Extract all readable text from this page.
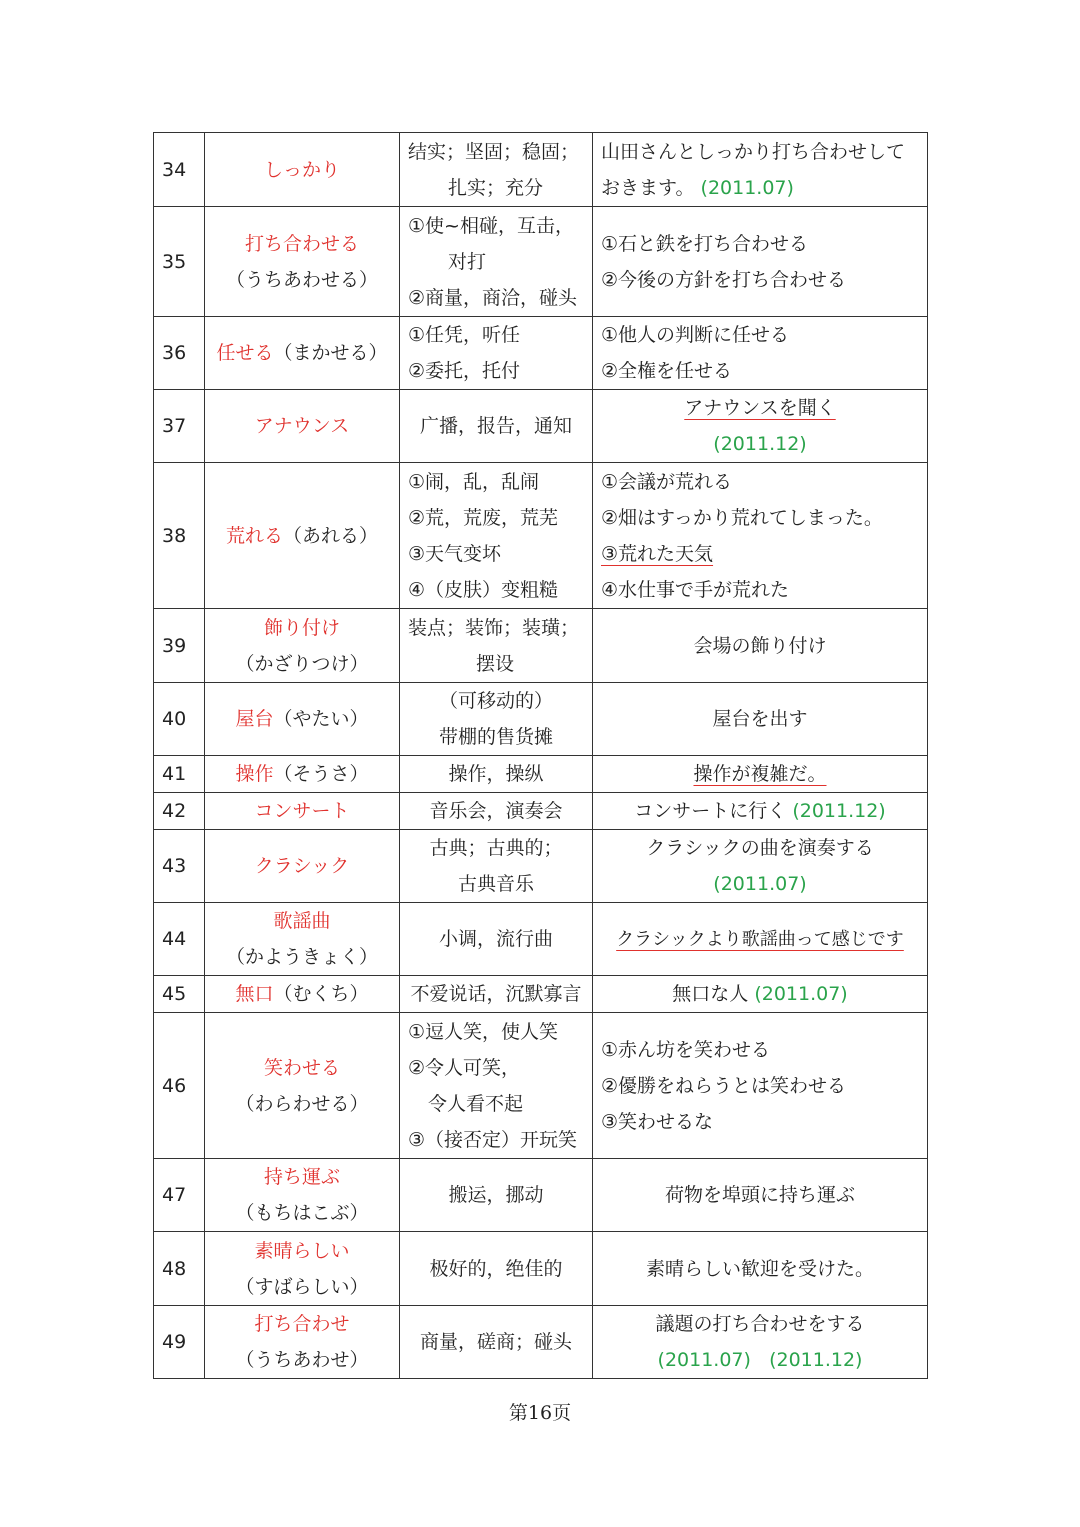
34	しっかり	结实；坚固；稳固；
扎实；充分	山田さんとしっかり打ち合わせして
おきます。 (2011.07)

35	打ち合わせる
（うちあわせる）	①使~相碰，互击，
对打
②商量，商洽，碰头	①石と鉄を打ち合わせる
②今後の方針を打ち合わせる

36	任せる（まかせる）	①任凭，听任
②委托，托付	①他人の判断に任せる
②全権を任せる

37	アナウンス	广播，报告，通知	アナウンスを聞く
(2011.12)

38	荒れる（あれる）	①闹，乱，乱闹
②荒，荒废，荒芜
③天气变坏
④（皮肤）变粗糙	①会議が荒れる
②畑はすっかり荒れてしまった。
③荒れた天気
④水仕事で手が荒れた

39	飾り付け
（かざりつけ）	装点；装饰；装璜；
摆设	会場の飾り付け
40	屋台（やたい）	（可移动的）
带棚的售货摊	屋台を出す
41	操作（そうさ）	操作，操纵	操作が複雑だ。
42	コンサート	音乐会，演奏会	コンサートに行く (2011.12)
43	クラシック	古典；古典的；
古典音乐	クラシックの曲を演奏する
(2011.07)

44	歌謡曲
（かようきょく）	小调，流行曲	クラシックより歌謡曲って感じです
45	無口（むくち）	不爱说话，沉默寡言	無口な人 (2011.07)
46	笑わせる
（わらわせる）	①逗人笑，使人笑
②令人可笑，
令人看不起
③（接否定）开玩笑	①赤ん坊を笑わせる
②優勝をねらうとは笑わせる
③笑わせるな

47	持ち運ぶ
（もちはこぶ）	搬运，挪动	荷物を埠頭に持ち運ぶ
48	素晴らしい
（すばらしい）	极好的，绝佳的	素晴らしい歓迎を受けた。
49	打ち合わせ
（うちあわせ）	商量，磋商；碰头	議題の打ち合わせをする
(2011.07) (2011.12)
第16页
